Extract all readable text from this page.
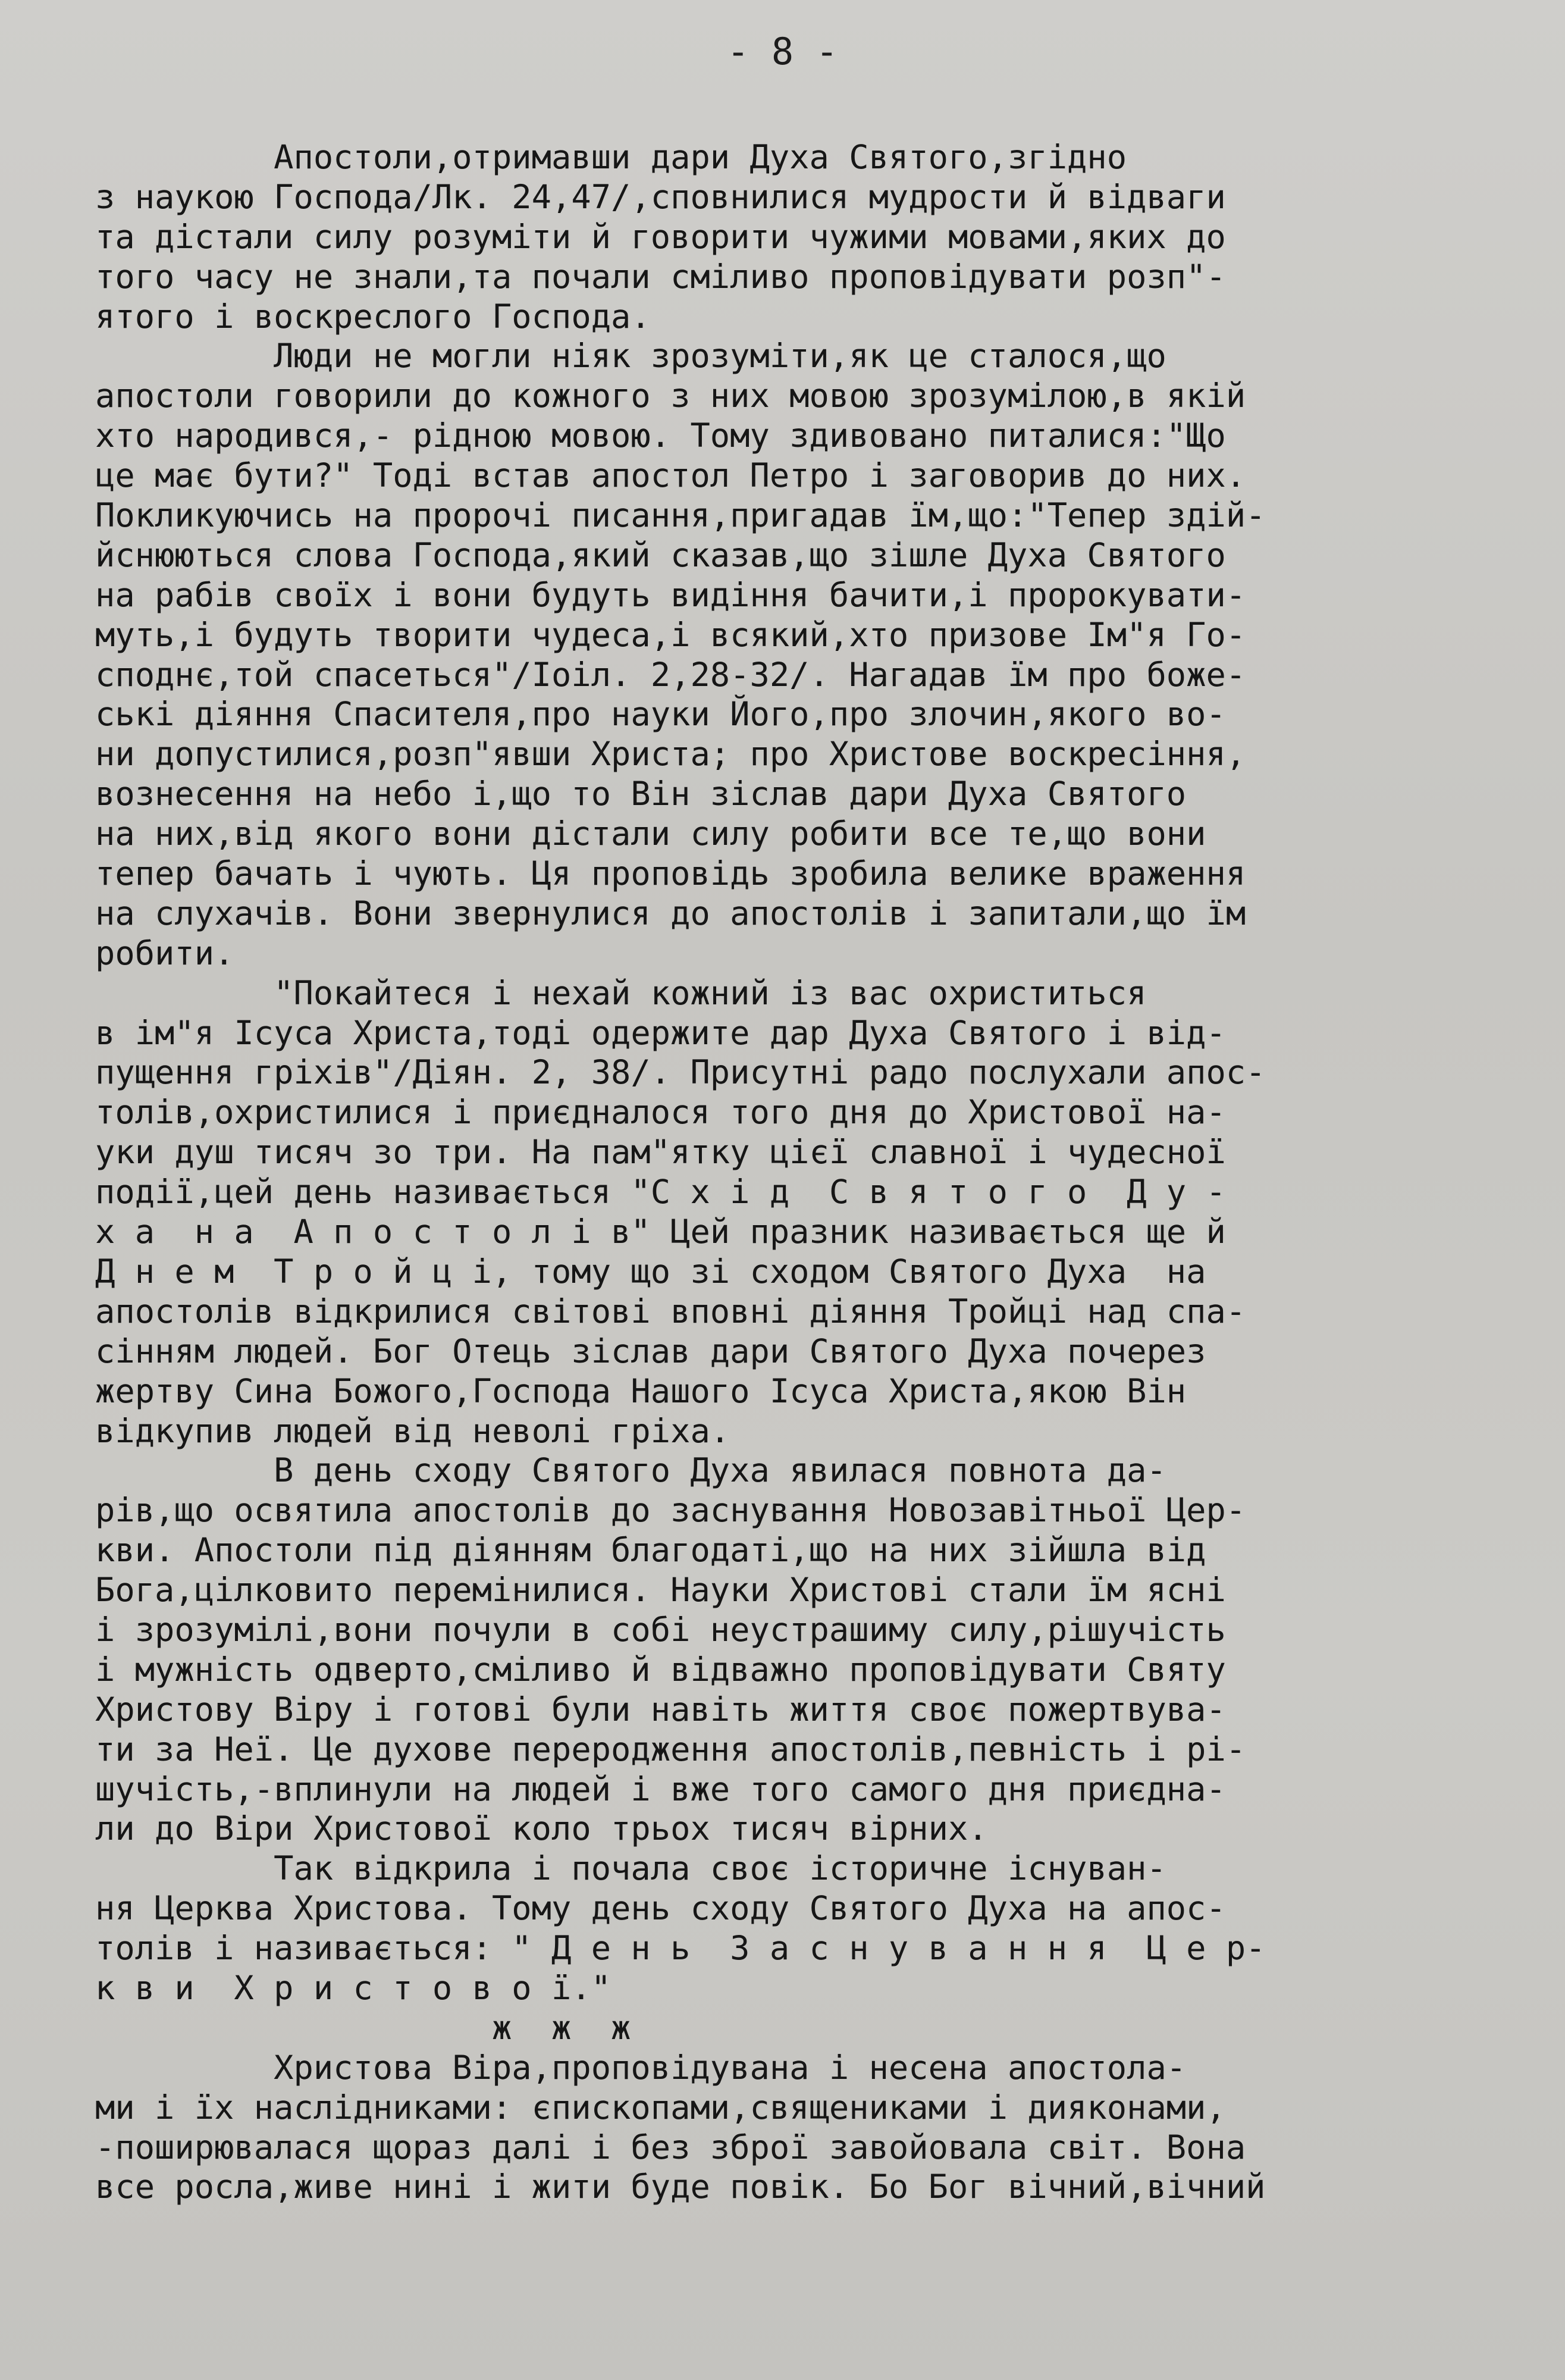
- 8 -
Апостоли,отримавши дари Духа Святого,згідно
з наукою Господа/Лк. 24,47/,сповнилися мудрости й відваги
та дістали силу розуміти й говорити чужими мовами,яких до
того часу не знали,та почали сміливо проповідувати розп"-
ятого і воскреслого Господа.
Люди не могли ніяк зрозуміти,як це сталося,що
апостоли говорили до кожного з них мовою зрозумілою,в якій
хто народився,- рідною мовою. Тому здивовано питалися:"Що
це має бути?" Тоді встав апостол Петро і заговорив до них.
Покликуючись на пророчі писання,пригадав їм,що:"Тепер здій-
йснюються слова Господа,який сказав,що зішле Духа Святого
на рабів своїх і вони будуть видіння бачити,і пророкувати-
муть,і будуть творити чудеса,і всякий,хто призове Ім"я Го-
споднє,той спасеться"/Іоіл. 2,28-32/. Нагадав їм про боже-
ські діяння Спасителя,про науки Його,про злочин,якого во-
ни допустилися,розп"явши Христа; про Христове воскресіння,
вознесення на небо і,що то Він зіслав дари Духа Святого
на них,від якого вони дістали силу робити все те,що вони
тепер бачать і чують. Ця проповідь зробила велике враження
на слухачів. Вони звернулися до апостолів і запитали,що їм
робити.
"Покайтеся і нехай кожний із вас охриститься
в ім"я Ісуса Христа,тоді одержите дар Духа Святого і від-
пущення гріхів"/Діян. 2, 38/. Присутні радо послухали апос-
толів,охристилися і приєдналося того дня до Христової на-
уки душ тисяч зо три. На пам"ятку цієї славної і чудесної
події,цей день називається "С х і д  С в я т о г о  Д у -
х а  н а  А п о с т о л і в" Цей празник називається ще й
Д н е м  Т р о й ц і, тому що зі сходом Святого Духа  на
апостолів відкрилися світові вповні діяння Тройці над спа-
сінням людей. Бог Отець зіслав дари Святого Духа почерез
жертву Сина Божого,Господа Нашого Ісуса Христа,якою Він
відкупив людей від неволі гріха.
В день сходу Святого Духа явилася повнота да-
рів,що освятила апостолів до заснування Новозавітньої Цер-
кви. Апостоли під діянням благодаті,що на них зійшла від
Бога,цілковито перемінилися. Науки Христові стали їм ясні
і зрозумілі,вони почули в собі неустрашиму силу,рішучість
і мужність одверто,сміливо й відважно проповідувати Святу
Христову Віру і готові були навіть життя своє пожертвува-
ти за Неї. Це духове переродження апостолів,певність і рі-
шучість,-вплинули на людей і вже того самого дня приєдна-
ли до Віри Христової коло трьох тисяч вірних.
Так відкрила і почала своє історичне існуван-
ня Церква Христова. Тому день сходу Святого Духа на апос-
толів і називається: " Д е н ь  З а с н у в а н н я  Ц е р-
к в и  Х р и с т о в о ї."
ж  ж  ж
Христова Віра,проповідувана і несена апостола-
ми і їх наслідниками: єпископами,священиками і дияконами,
-поширювалася щораз далі і без зброї завойовала світ. Вона
все росла,живе нині і жити буде повік. Бо Бог вічний,вічний
